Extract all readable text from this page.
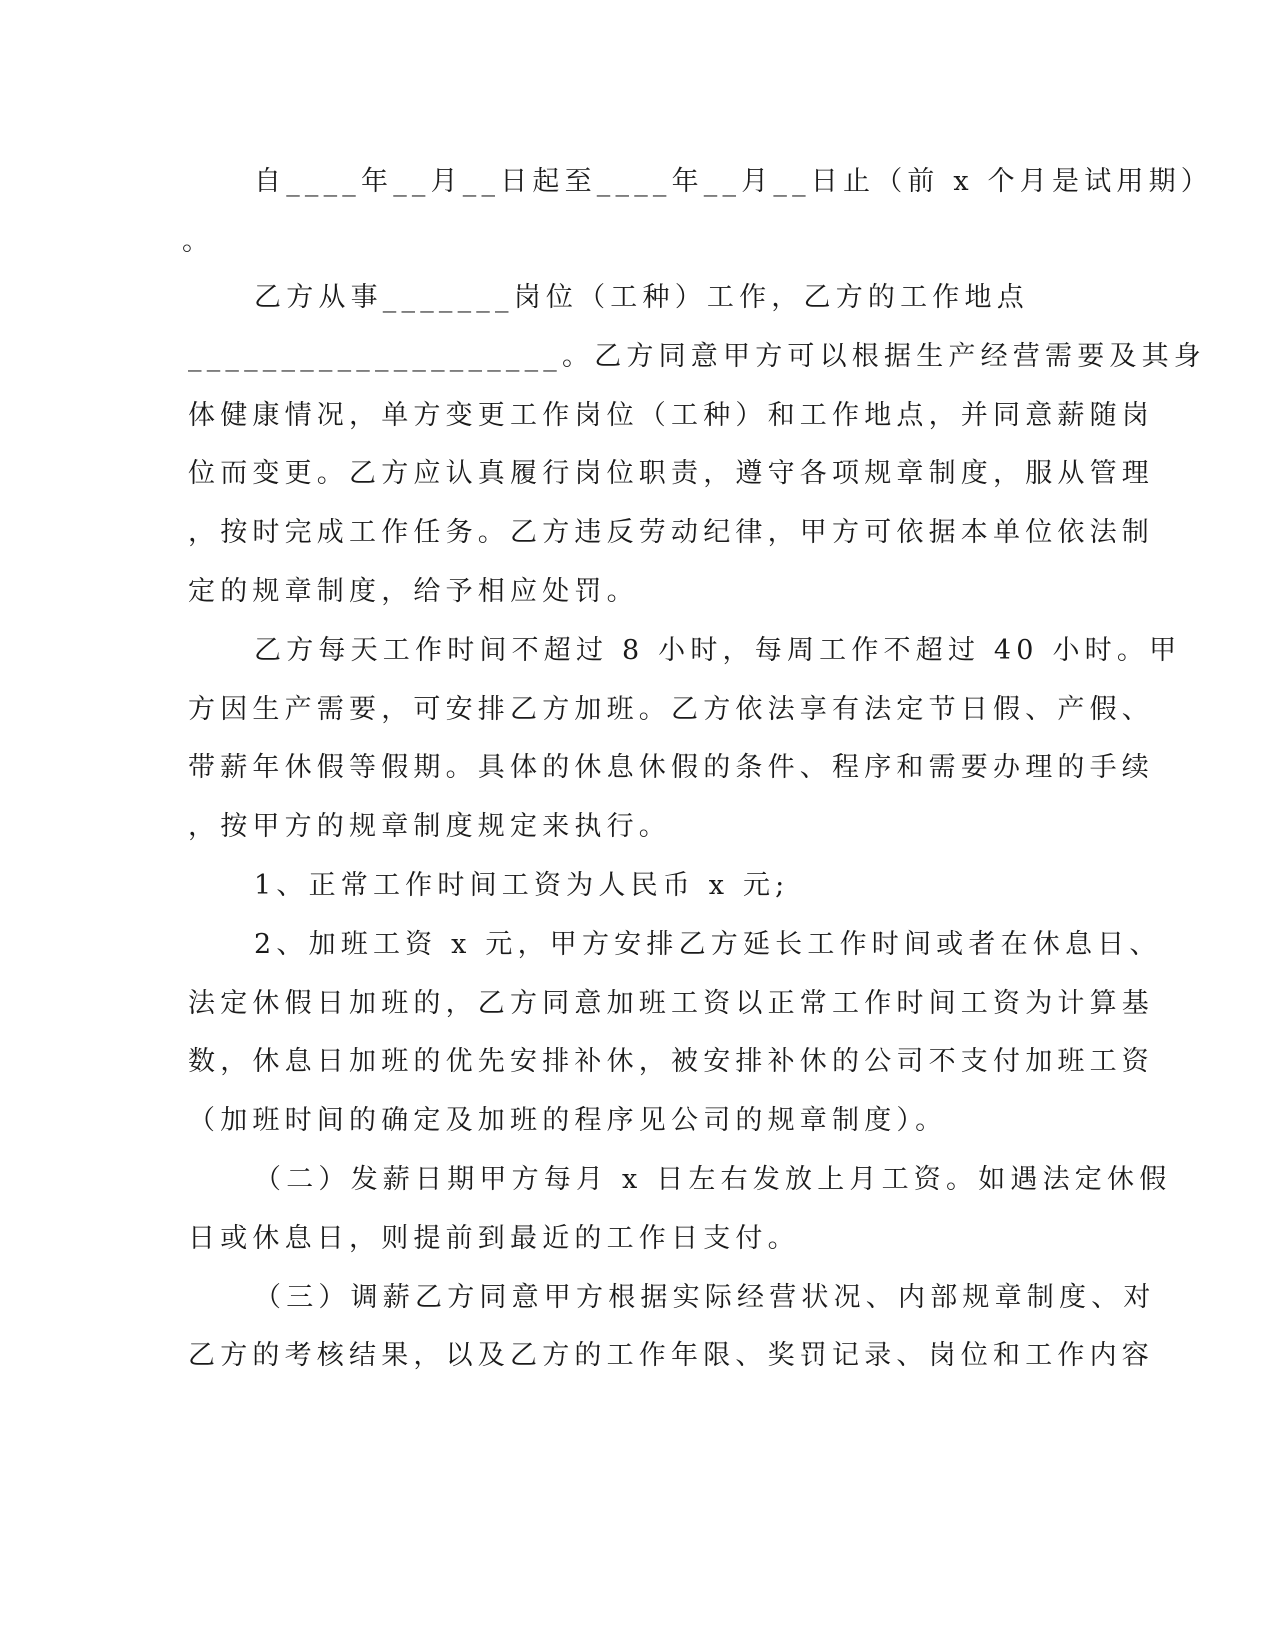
自____年__月__日起至____年__月__日止（前 x 个月是试用期）
。
乙方从事_______岗位（工种）工作，乙方的工作地点
____________________。乙方同意甲方可以根据生产经营需要及其身
体健康情况，单方变更工作岗位（工种）和工作地点，并同意薪随岗
位而变更。乙方应认真履行岗位职责，遵守各项规章制度，服从管理
，按时完成工作任务。乙方违反劳动纪律，甲方可依据本单位依法制
定的规章制度，给予相应处罚。
乙方每天工作时间不超过 8 小时，每周工作不超过 40 小时。甲
方因生产需要，可安排乙方加班。乙方依法享有法定节日假、产假、
带薪年休假等假期。具体的休息休假的条件、程序和需要办理的手续
，按甲方的规章制度规定来执行。
1、正常工作时间工资为人民币 x 元;
2、加班工资 x 元，甲方安排乙方延长工作时间或者在休息日、
法定休假日加班的，乙方同意加班工资以正常工作时间工资为计算基
数，休息日加班的优先安排补休，被安排补休的公司不支付加班工资
（加班时间的确定及加班的程序见公司的规章制度）。
（二）发薪日期甲方每月 x 日左右发放上月工资。如遇法定休假
日或休息日，则提前到最近的工作日支付。
（三）调薪乙方同意甲方根据实际经营状况、内部规章制度、对
乙方的考核结果，以及乙方的工作年限、奖罚记录、岗位和工作内容
